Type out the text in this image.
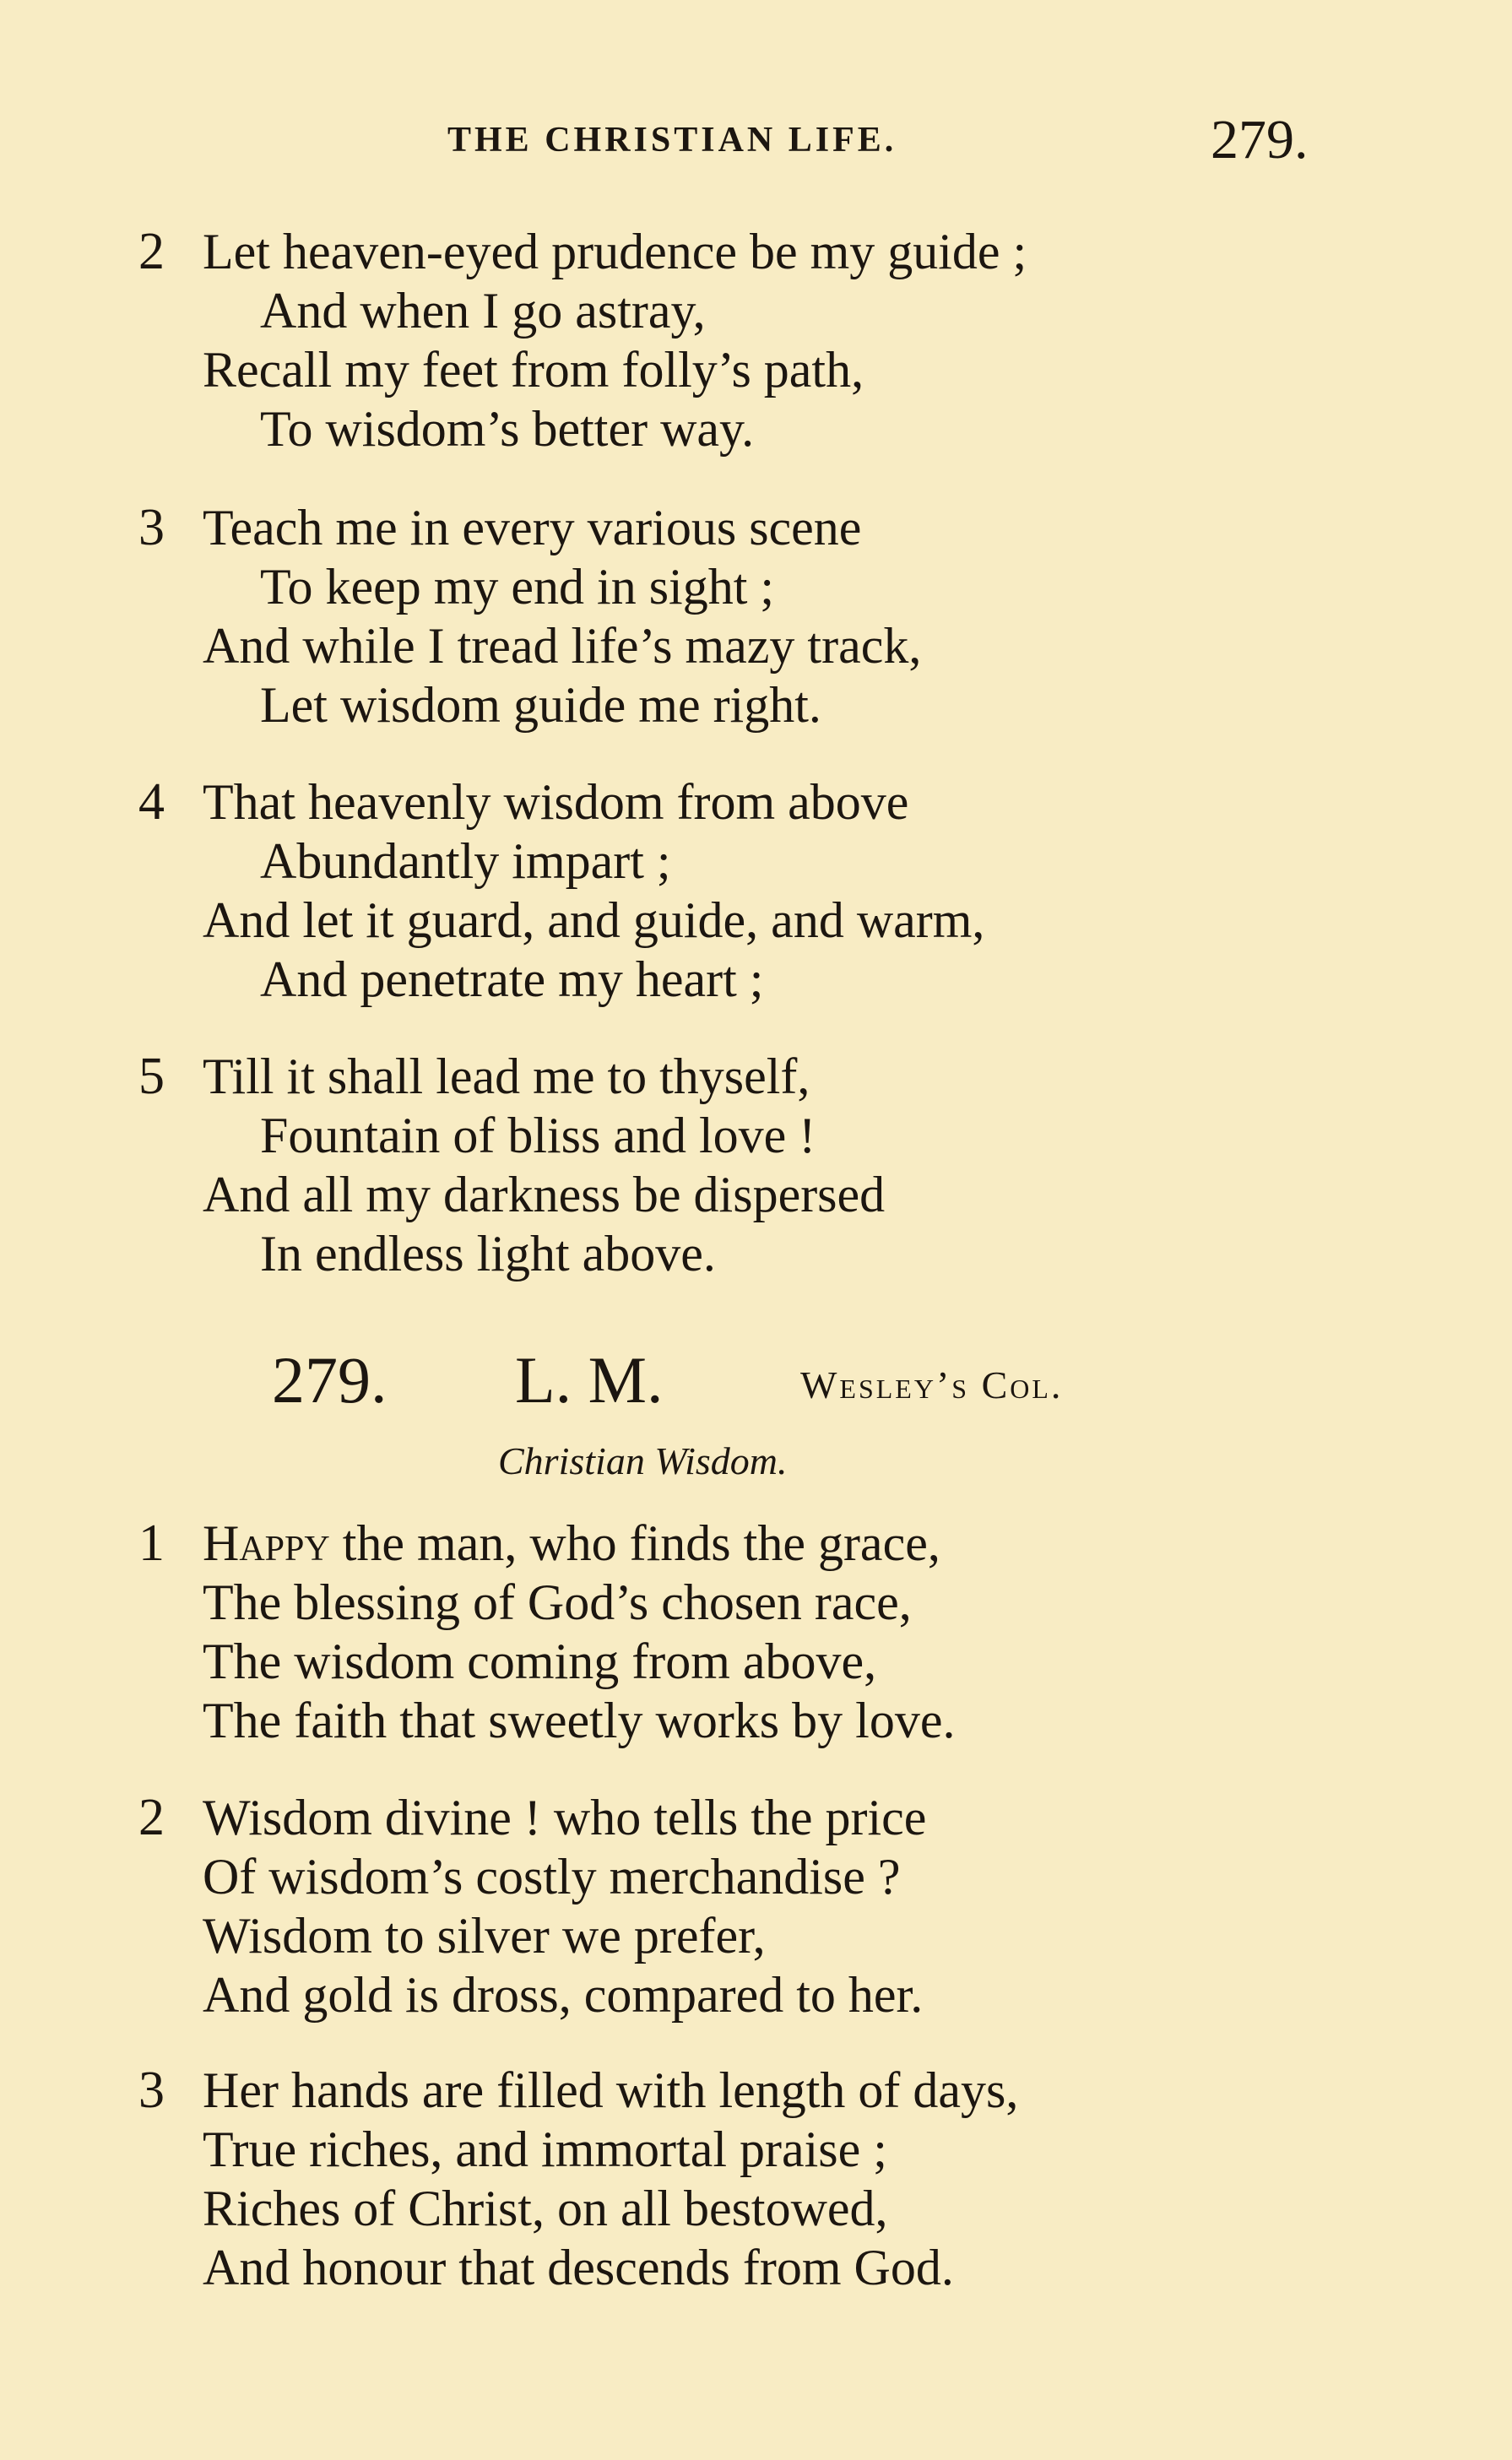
THE CHRISTIAN LIFE.	279.
2 Let heaven-eyed prudence be my guide ;
And when I go astray,
Recall my feet from folly’s path,
To wisdom’s better way.
3 Teach me in every various scene
To keep my end in sight ;
And while I tread life’s mazy track,
Let wisdom guide me right.
4 That heavenly wisdom from above
Abundantly impart ;
And let it guard, and guide, and warm,
And penetrate my heart ;
5 Till it shall lead me to thyself,
Fountain of bliss and love !
And all my darkness be dispersed
In endless light above.
279. L. M.	Wesley’s Col.
Christian Wisdom.
1 Happy the man, who finds the grace,
The blessing of God’s chosen race,
The wisdom coming from above,
The faith that sweetly works by love.
2 Wisdom divine ! who tells the price
Of wisdom’s costly merchandise ?
Wisdom to silver we prefer,
And gold is dross, compared to her.
3 Her hands are filled with length of days,
True riches, and immortal praise ;
Riches of Christ, on all bestowed,
And honour that descends from God.
